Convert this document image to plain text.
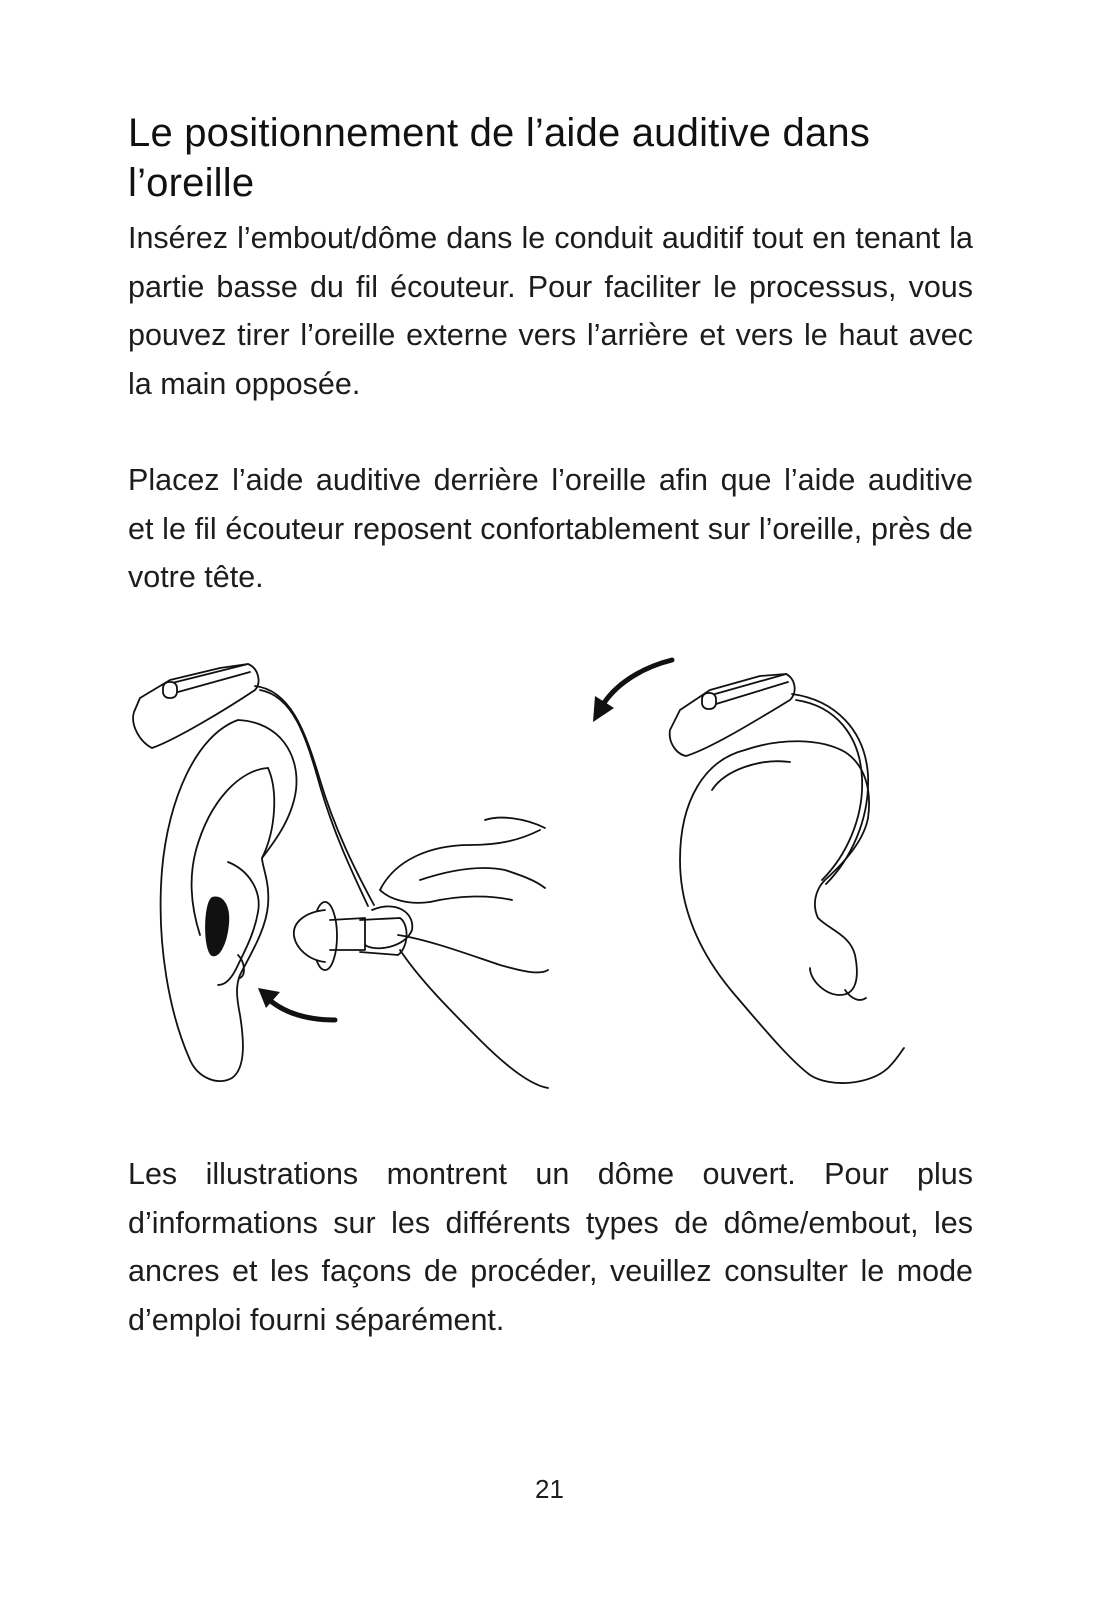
Le positionnement de l’aide auditive dans l’oreille

Insérez l’embout/dôme dans le conduit auditif tout en tenant la partie basse du fil écouteur. Pour faciliter le processus, vous pouvez tirer l’oreille externe vers l’arrière et vers le haut avec la main opposée.

Placez l’aide auditive derrière l’oreille afin que l’aide auditive et le fil écouteur reposent confortablement sur l’oreille, près de votre tête.

Les illustrations montrent un dôme ouvert. Pour plus d’informations sur les différents types de dôme/embout, les ancres et les façons de procéder, veuillez consulter le mode d’emploi fourni séparément.

21
